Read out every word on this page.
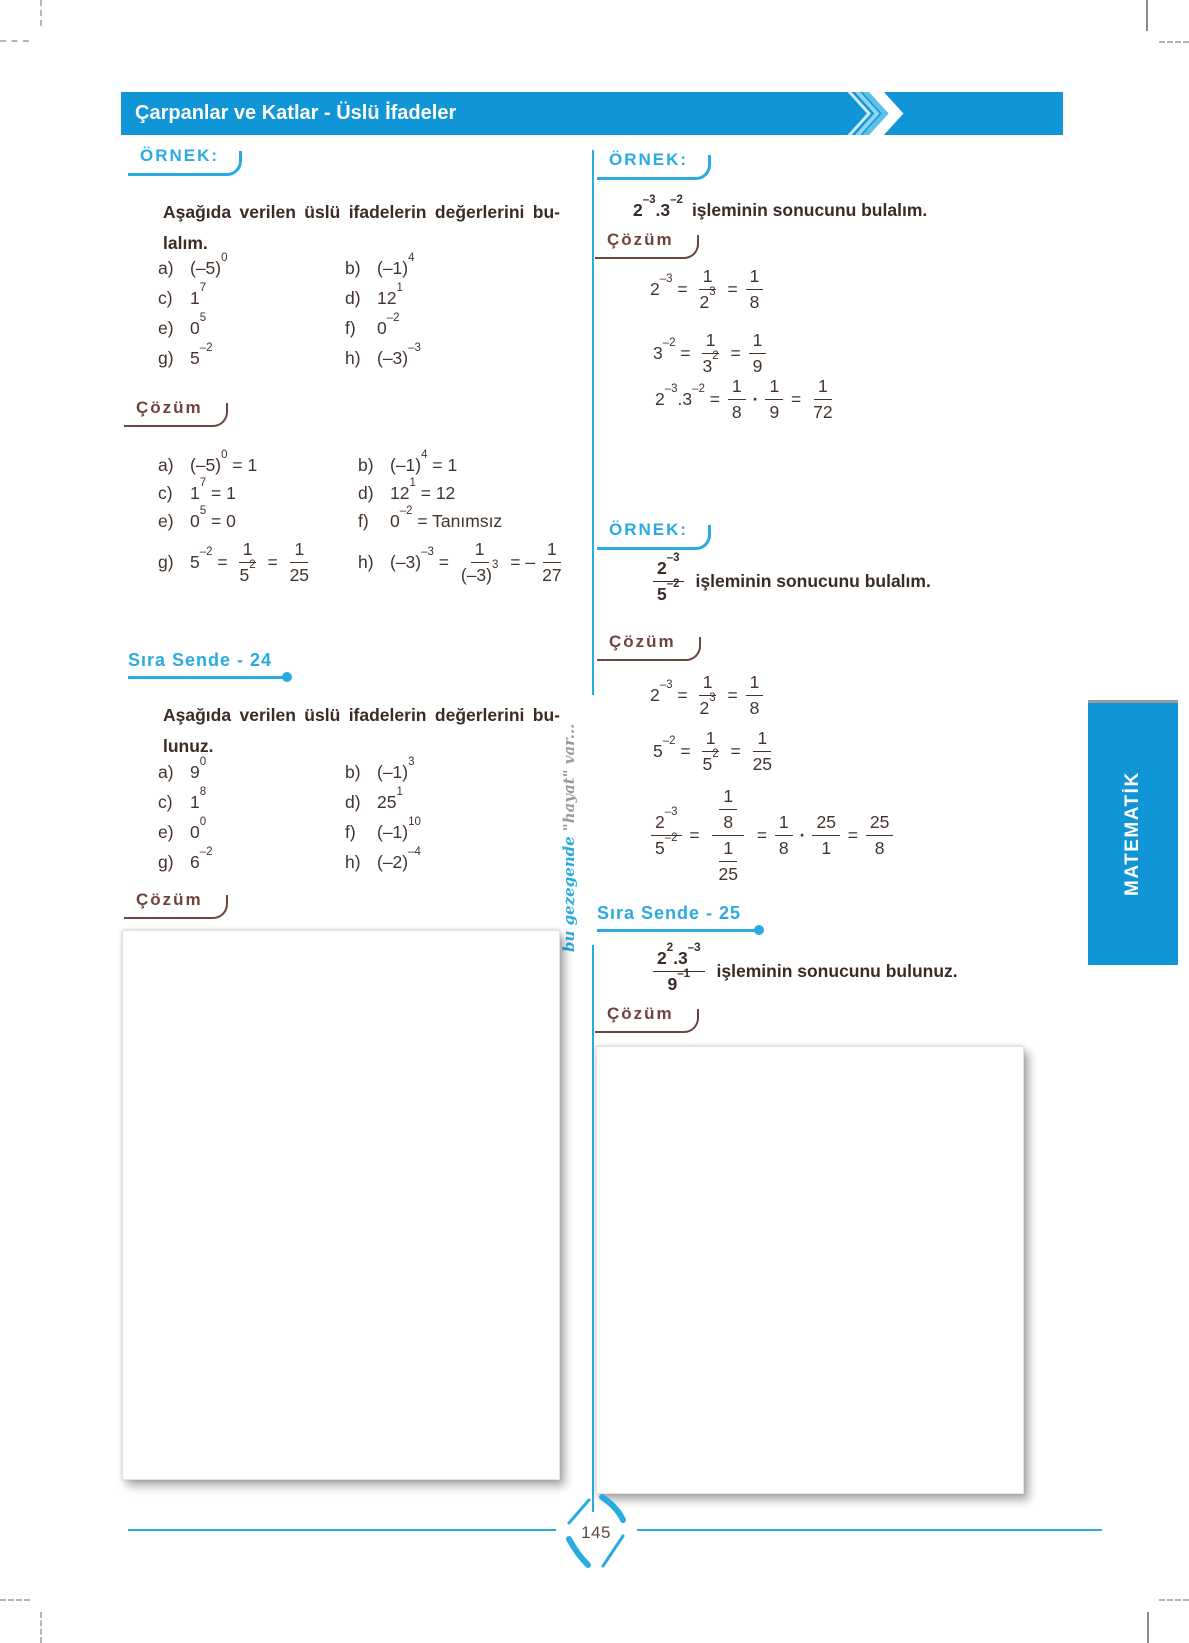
Çarpanlar ve Katlar - Üslü İfadeler
bu gezegende "hayat" var...
ÖRNEK:
Aşağıda verilen üslü ifadelerin değerlerini bu-
lalım.
a) $(-5)^0$	b) $(-1)^4$
c) $1^7$	d) $12^1$
e) $0^5$	f)	$0^{-2}$
g) $5^{-2}$	h) $(-3)^{-3}$
Çözüm
a) $(-5)^0 = 1$	b) $(-1)^4 = 1$
c) $1^7 = 1$	d) $12^1 = 12$
e) $0^5 = 0$	f)	$0^{-2}$ = Tanımsız
g) $5^{-2} = \frac{1}{5^2} = \frac{1}{25}$	h) $(-3)^{-3} = \frac{1}{(-3)^3}$ = – $\frac{1}{27}$
Sıra Sende - 24
Aşağıda verilen üslü ifadelerin değerlerini bu-
lunuz.
a) $9^0$	b) $(-1)^3$
c) $1^8$	d) $25^1$
e) $0^0$	f)	$(-1)^{10}$
g) $6^{-2}$	h) $(-2)^{-4}$
Çözüm
ÖRNEK:
$2^{-3}$ . $3^{-2}$ işleminin sonucunu bulalım.
Çözüm
$2^{-3} = \frac{1}{2^3} = \frac{1}{8}$
$3^{-2} = \frac{1}{3^2} = \frac{1}{9}$
$2^{-3}$ . $3^{-2} = \frac{1}{8} \cdot \frac{1}{9} = \frac{1}{72}$
ÖRNEK:
$\frac{2^{-3}}{5^{-2}}$ işleminin sonucunu bulalım.
Çözüm
$2^{-3} = \frac{1}{2^3} = \frac{1}{8}$
$5^{-2} = \frac{1}{5^2} = \frac{1}{25}$
$\frac{2^{-3}}{5^{-2}} = \frac{\frac{1}{8}}{\frac{1}{25}} = \frac{1}{8} \cdot \frac{25}{1} = \frac{25}{8}$
Sıra Sende - 25
$\frac{2^2 . 3^{-3}}{9^{-1}}$ işleminin sonucunu bulunuz.
Çözüm
MATEMATİK
145
